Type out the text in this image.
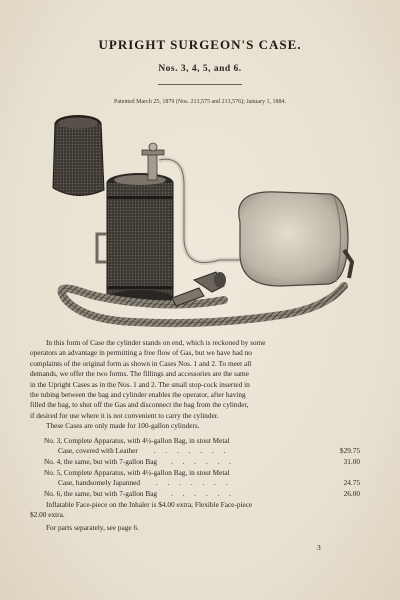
UPRIGHT SURGEON'S CASE.
Nos. 3, 4, 5, and 6.
Patented March 25, 1879 (Nos. 213,575 and 213,576); January 1, 1884.
In this form of Case the cylinder stands on end, which is reckoned by some
operators an advantage in permitting a free flow of Gas, but we have had no
complaints of the original form as shown in Cases Nos. 1 and 2. To meet all
demands, we offer the two forms. The fillings and accessories are the same
in the Upright Cases as in the Nos. 1 and 2. The small stop-cock inserted in
the tubing between the bag and cylinder enables the operator, after having
filled the bag, to shut off the Gas and disconnect the bag from the cylinder,
if desired for use where it is not convenient to carry the cylinder.
These Cases are only made for 100-gallon cylinders.
No. 3, Complete Apparatus, with 4½-gallon Bag, in stout Metal
Case, covered with Leather . . . . . . .	$29.75
No. 4, the same, but with 7-gallon Bag . . . . . .	31.00
No. 5, Complete Apparatus, with 4½-gallon Bag, in stout Metal
Case, handsomely Japanned . . . . . . .	24.75
No. 6, the same, but with 7-gallon Bag . . . . . .	26.00
Inflatable Face-piece on the Inhaler is $4.00 extra; Flexible Face-piece
$2.00 extra.
For parts separately, see page 6.
3
